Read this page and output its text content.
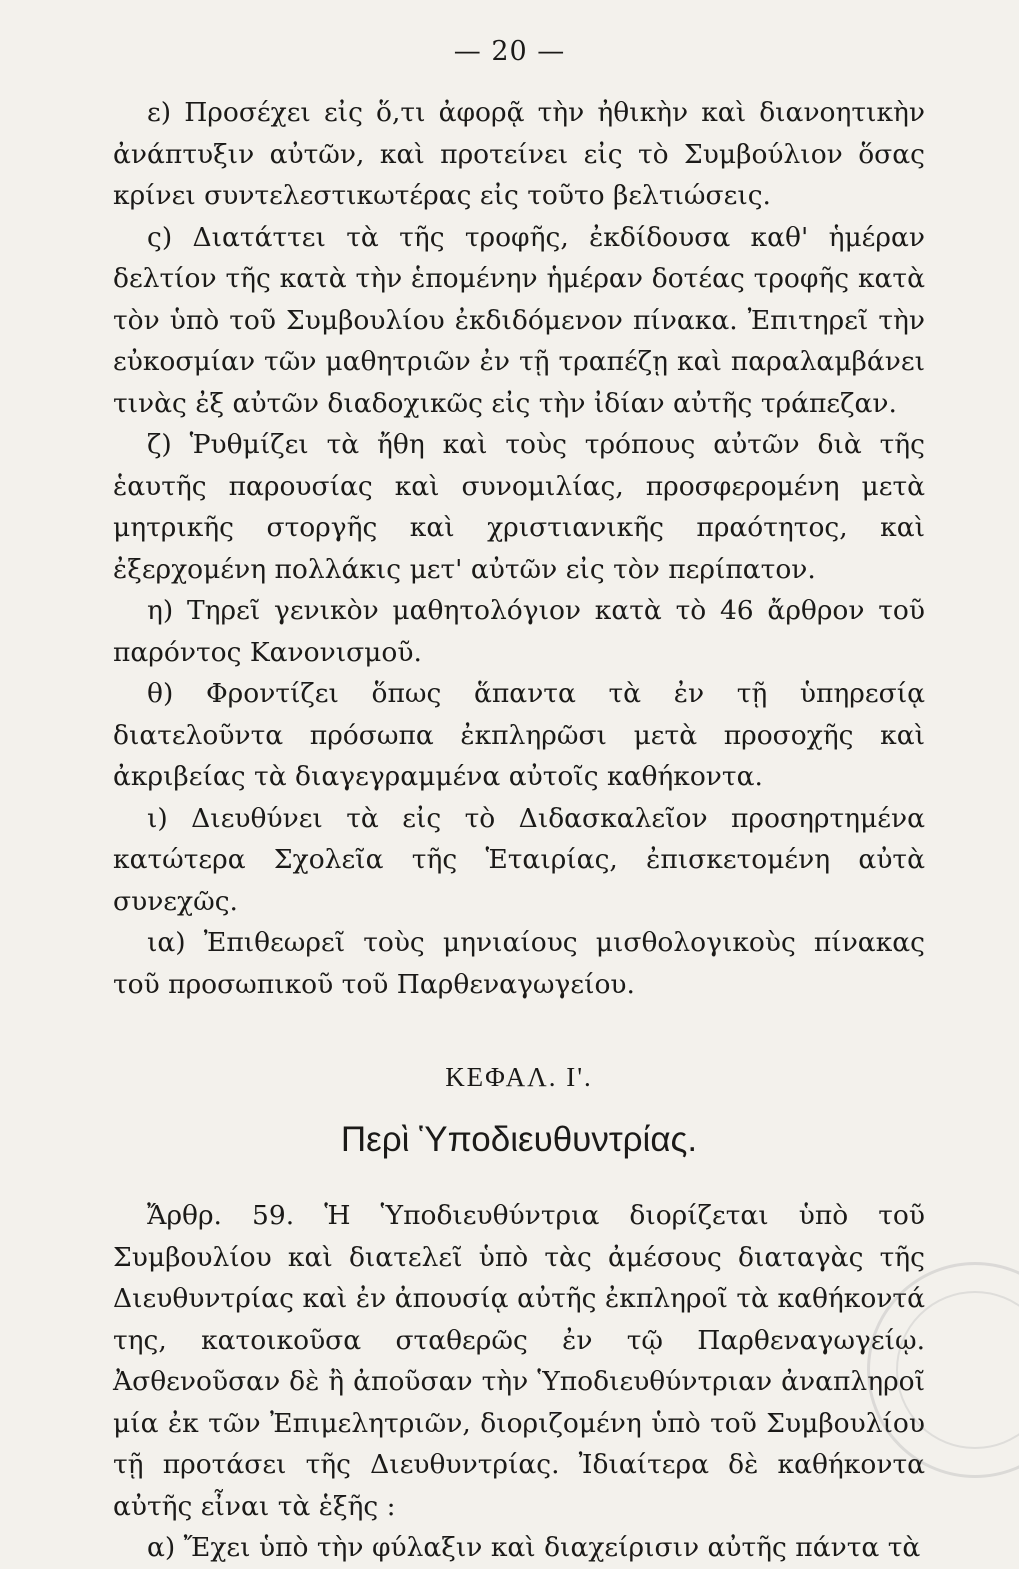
— 20 —

ε) Προσέχει εἰς ὅ,τι ἀφορᾷ τὴν ἠθικὴν καὶ διανοητικὴν ἀνάπτυξιν αὐτῶν, καὶ προτείνει εἰς τὸ Συμβούλιον ὅσας κρίνει συντελεστικωτέρας εἰς τοῦτο βελτιώσεις.

ς) Διατάττει τὰ τῆς τροφῆς, ἐκδίδουσα καθ' ἡμέραν δελτίον τῆς κατὰ τὴν ἑπομένην ἡμέραν δοτέας τροφῆς κατὰ τὸν ὑπὸ τοῦ Συμβουλίου ἐκδιδόμενον πίνακα. Ἐπιτηρεῖ τὴν εὐκοσμίαν τῶν μαθητριῶν ἐν τῇ τραπέζῃ καὶ παραλαμβάνει τινὰς ἐξ αὐτῶν διαδοχικῶς εἰς τὴν ἰδίαν αὐτῆς τράπεζαν.

ζ) Ῥυθμίζει τὰ ἤθη καὶ τοὺς τρόπους αὐτῶν διὰ τῆς ἑαυτῆς παρουσίας καὶ συνομιλίας, προσφερομένη μετὰ μητρικῆς στοργῆς καὶ χριστιανικῆς πραότητος, καὶ ἐξερχομένη πολλάκις μετ' αὐτῶν εἰς τὸν περίπατον.

η) Τηρεῖ γενικὸν μαθητολόγιον κατὰ τὸ 46 ἄρθρον τοῦ παρόντος Κανονισμοῦ.

θ) Φροντίζει ὅπως ἅπαντα τὰ ἐν τῇ ὑπηρεσίᾳ διατελοῦντα πρόσωπα ἐκπληρῶσι μετὰ προσοχῆς καὶ ἀκριβείας τὰ διαγεγραμμένα αὐτοῖς καθήκοντα.

ι) Διευθύνει τὰ εἰς τὸ Διδασκαλεῖον προσηρτημένα κατώτερα Σχολεῖα τῆς Ἑταιρίας, ἐπισκετομένη αὐτὰ συνεχῶς.

ια) Ἐπιθεωρεῖ τοὺς μηνιαίους μισθολογικοὺς πίνακας τοῦ προσωπικοῦ τοῦ Παρθεναγωγείου.

ΚΕΦΑΛ. Ι'.
Περὶ Ὑποδιευθυντρίας.

Ἄρθρ. 59. Ἡ Ὑποδιευθύντρια διορίζεται ὑπὸ τοῦ Συμβουλίου καὶ διατελεῖ ὑπὸ τὰς ἀμέσους διαταγὰς τῆς Διευθυντρίας καὶ ἐν ἀπουσίᾳ αὐτῆς ἐκπληροῖ τὰ καθήκοντά της, κατοικοῦσα σταθερῶς ἐν τῷ Παρθεναγωγείῳ. Ἀσθενοῦσαν δὲ ἢ ἀποῦσαν τὴν Ὑποδιευθύντριαν ἀναπληροῖ μία ἐκ τῶν Ἐπιμελητριῶν, διοριζομένη ὑπὸ τοῦ Συμβουλίου τῇ προτάσει τῆς Διευθυντρίας. Ἰδιαίτερα δὲ καθήκοντα αὐτῆς εἶναι τὰ ἑξῆς :

α) Ἔχει ὑπὸ τὴν φύλαξιν καὶ διαχείρισιν αὐτῆς πάντα τὰ
